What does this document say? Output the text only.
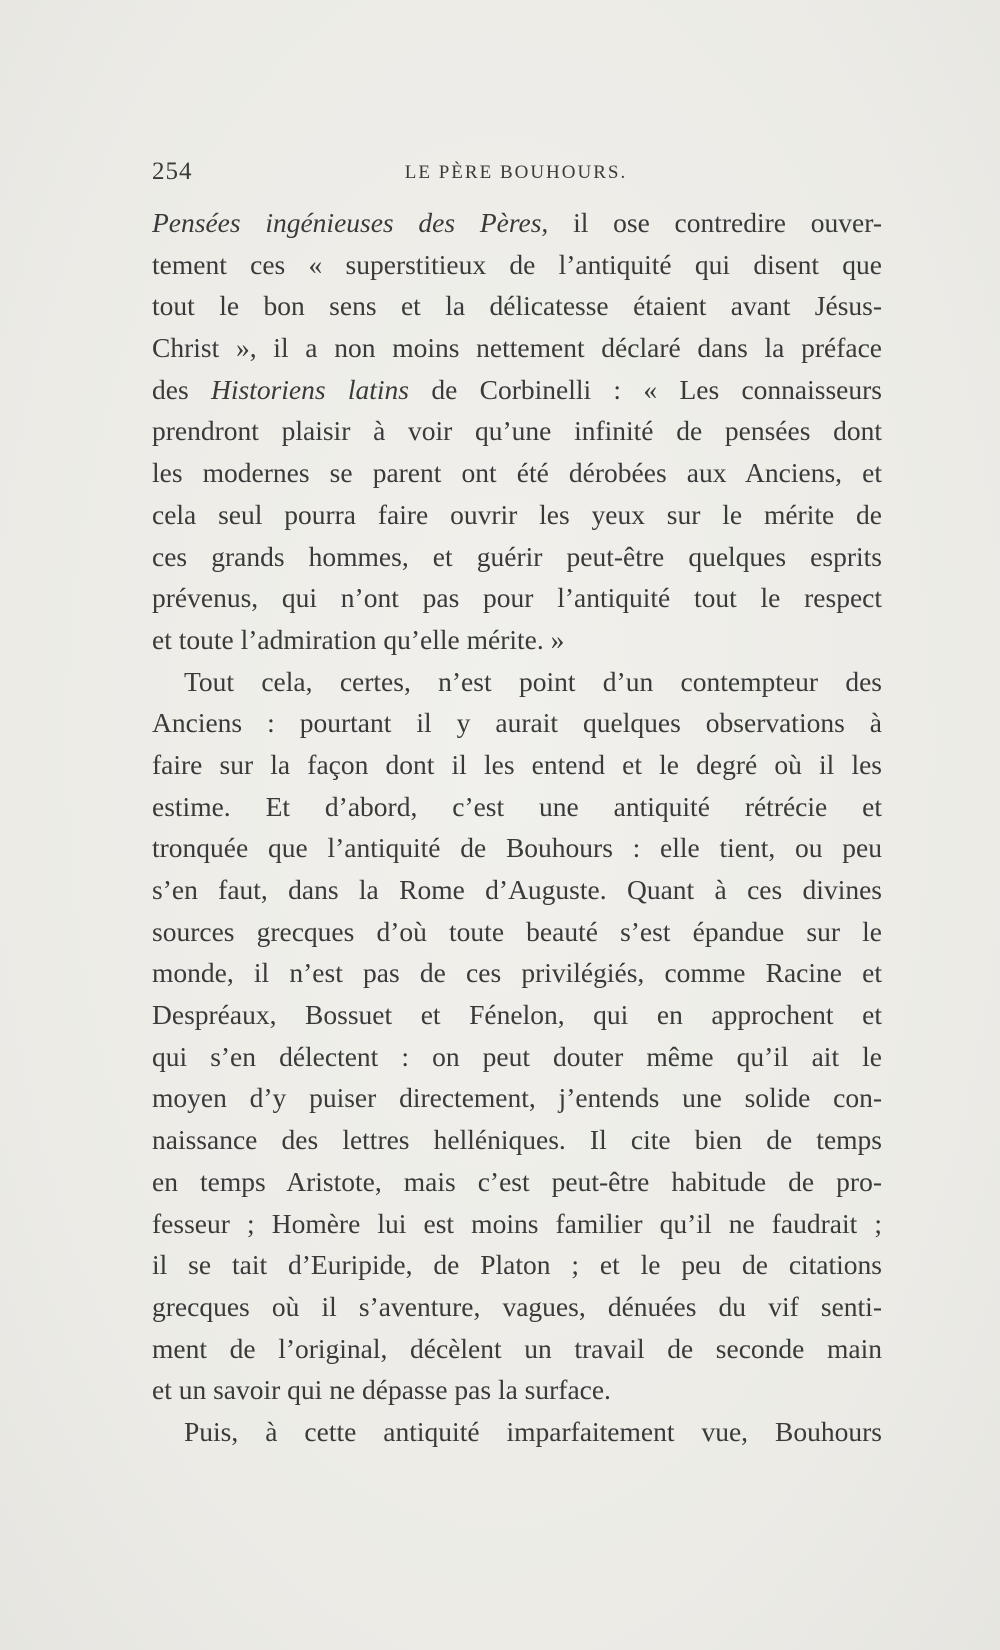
254	LE PÈRE BOUHOURS.
Pensées ingénieuses des Pères, il ose contredire ouver-
tement ces « superstitieux de l’antiquité qui disent que
tout le bon sens et la délicatesse étaient avant Jésus-
Christ », il a non moins nettement déclaré dans la préface
des Historiens latins de Corbinelli : « Les connaisseurs
prendront plaisir à voir qu’une infinité de pensées dont
les modernes se parent ont été dérobées aux Anciens, et
cela seul pourra faire ouvrir les yeux sur le mérite de
ces grands hommes, et guérir peut-être quelques esprits
prévenus, qui n’ont pas pour l’antiquité tout le respect
et toute l’admiration qu’elle mérite. »
Tout cela, certes, n’est point d’un contempteur des
Anciens : pourtant il y aurait quelques observations à
faire sur la façon dont il les entend et le degré où il les
estime. Et d’abord, c’est une antiquité rétrécie et
tronquée que l’antiquité de Bouhours : elle tient, ou peu
s’en faut, dans la Rome d’Auguste. Quant à ces divines
sources grecques d’où toute beauté s’est épandue sur le
monde, il n’est pas de ces privilégiés, comme Racine et
Despréaux, Bossuet et Fénelon, qui en approchent et
qui s’en délectent : on peut douter même qu’il ait le
moyen d’y puiser directement, j’entends une solide con-
naissance des lettres helléniques. Il cite bien de temps
en temps Aristote, mais c’est peut-être habitude de pro-
fesseur ; Homère lui est moins familier qu’il ne faudrait ;
il se tait d’Euripide, de Platon ; et le peu de citations
grecques où il s’aventure, vagues, dénuées du vif senti-
ment de l’original, décèlent un travail de seconde main
et un savoir qui ne dépasse pas la surface.
Puis, à cette antiquité imparfaitement vue, Bouhours
